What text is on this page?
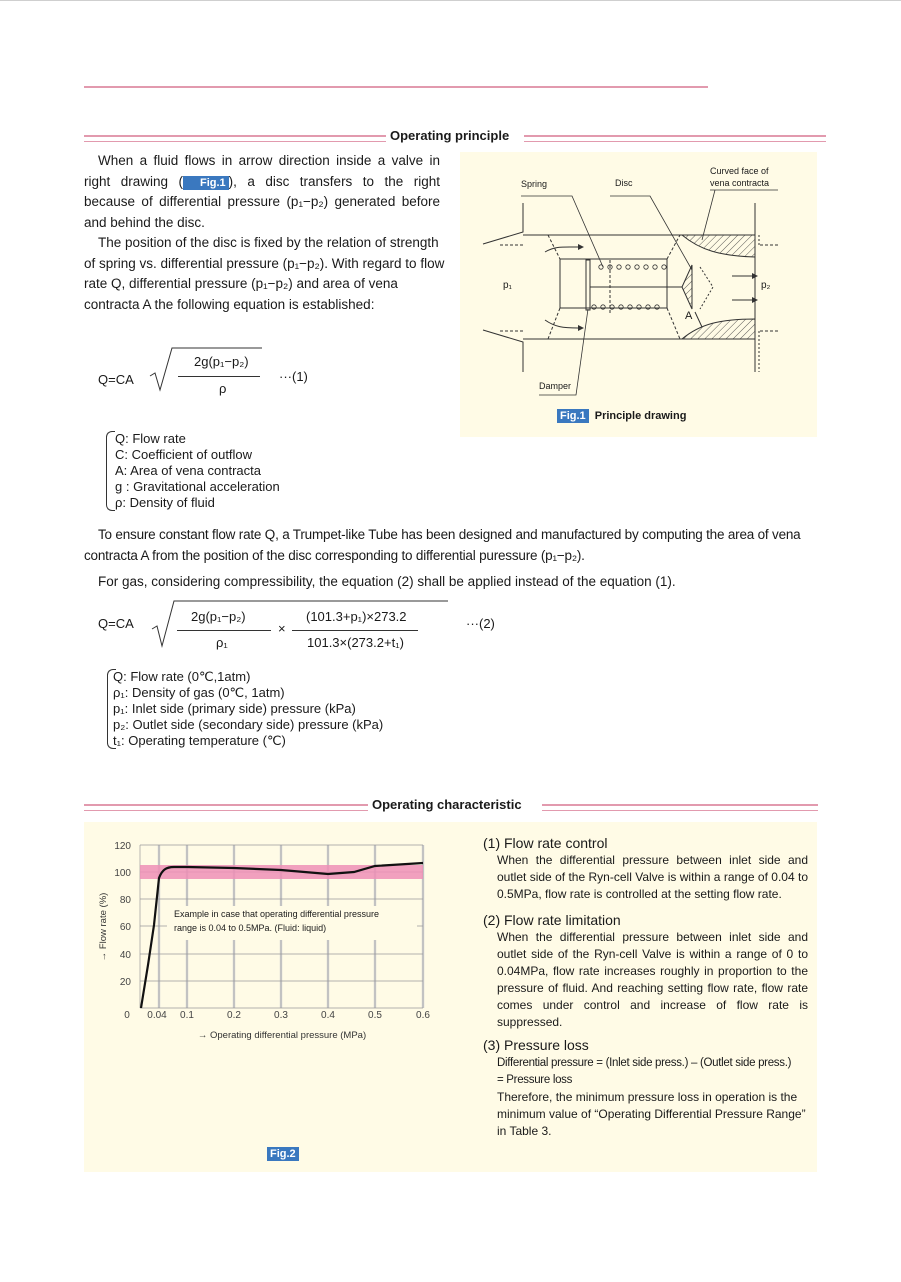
Operating principle
When a fluid flows in arrow direction inside a valve in right drawing ( Fig.1 ), a disc transfers to the right because of differential pressure (p₁−p₂) generated before and behind the disc.
The position of the disc is fixed by the relation of strength of spring vs. differential pressure (p₁−p₂). With regard to flow rate Q, differential pressure (p₁−p₂) and area of vena contracta A the following equation is established:
Q=CA
2g(p₁−p₂)
ρ
···(1)
Q: Flow rate
C: Coefficient of outflow
A: Area of vena contracta
g : Gravitational acceleration
ρ: Density of fluid
Spring	Disc
Curved face of
vena contracta
p₁	p₂
A
Damper
Fig.1 Principle drawing
To ensure constant flow rate Q, a Trumpet-like Tube has been designed and manufactured by computing the area of vena contracta A from the position of the disc corresponding to differential puressure (p₁−p₂).
For gas, considering compressibility, the equation (2) shall be applied instead of the equation (1).
Q=CA	2g(p₁−p₂)
ρ₁
×
(101.3+p₁)×273.2
101.3×(273.2+t₁)
···(2)
Q: Flow rate (0℃,1atm)
ρ₁: Density of gas (0℃, 1atm)
p₁: Inlet side (primary side) pressure (kPa)
p₂: Outlet side (secondary side) pressure (kPa)
t₁: Operating temperature (℃)
Operating characteristic
120
100
80
60
40
20
0 0.04 0.1	0.2	0.3	0.4	0.5	0.6
→ Operating differential pressure (MPa)
→ Flow rate (%)	Example in case that operating differential pressure
range is 0.04 to 0.5MPa. (Fluid: liquid)
Fig.2
(1) Flow rate control

When the differential pressure between inlet side and outlet side of the Ryn-cell Valve is within a range of 0.04 to 0.5MPa, flow rate is controlled at the setting flow rate.

(2) Flow rate limitation

When the differential pressure between inlet side and outlet side of the Ryn-cell Valve is within a range of 0 to 0.04MPa, flow rate increases roughly in proportion to the pressure of fluid. And reaching setting flow rate, flow rate comes under control and increase of flow rate is suppressed.

(3) Pressure loss

Differential pressure = (Inlet side press.) – (Outlet side press.)

= Pressure loss

Therefore, the minimum pressure loss in operation is the minimum value of “Operating Differential Pressure Range” in Table 3.
